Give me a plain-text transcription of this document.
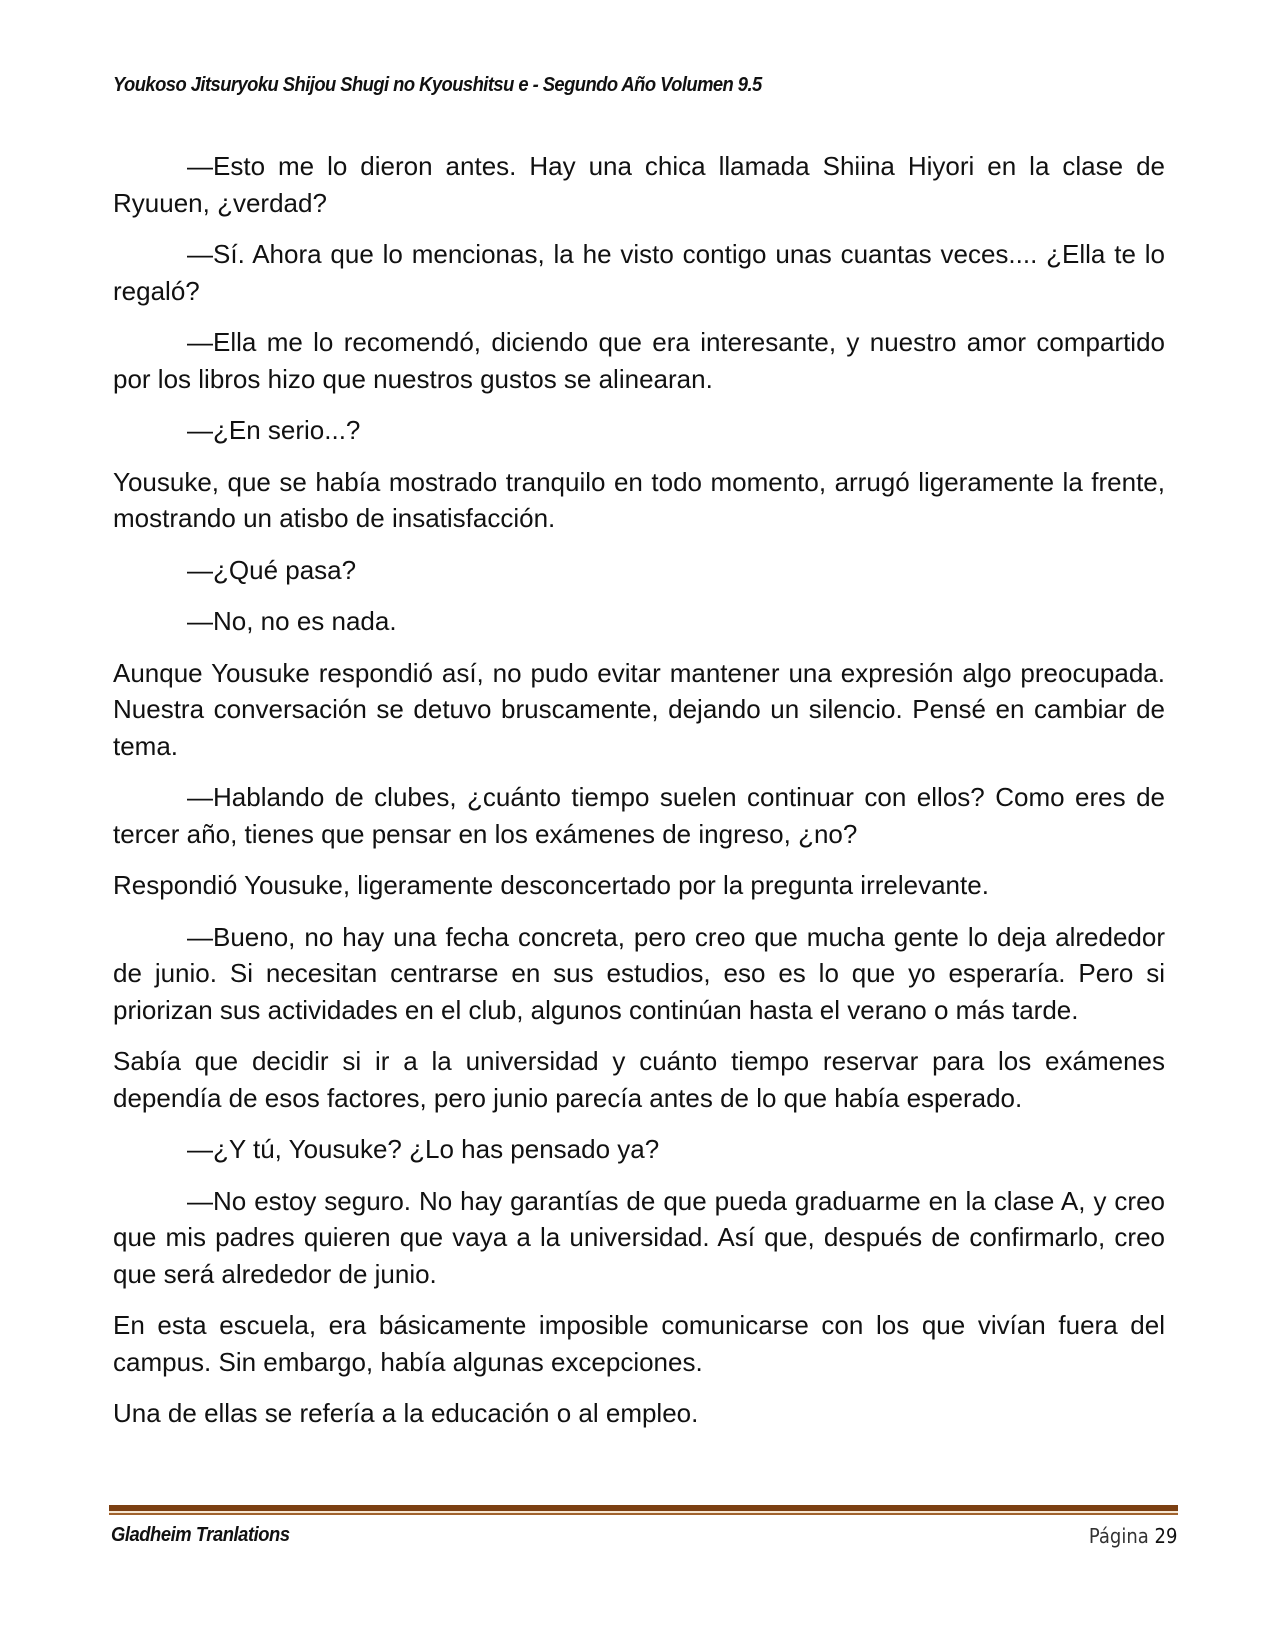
Youkoso Jitsuryoku Shijou Shugi no Kyoushitsu e - Segundo Año Volumen 9.5

—Esto me lo dieron antes. Hay una chica llamada Shiina Hiyori en la clase de Ryuuen, ¿verdad?

—Sí. Ahora que lo mencionas, la he visto contigo unas cuantas veces.... ¿Ella te lo regaló?

—Ella me lo recomendó, diciendo que era interesante, y nuestro amor compartido por los libros hizo que nuestros gustos se alinearan.

—¿En serio...?

Yousuke, que se había mostrado tranquilo en todo momento, arrugó ligeramente la frente, mostrando un atisbo de insatisfacción.

—¿Qué pasa?

—No, no es nada.

Aunque Yousuke respondió así, no pudo evitar mantener una expresión algo preocupada. Nuestra conversación se detuvo bruscamente, dejando un silencio. Pensé en cambiar de tema.

—Hablando de clubes, ¿cuánto tiempo suelen continuar con ellos? Como eres de tercer año, tienes que pensar en los exámenes de ingreso, ¿no?

Respondió Yousuke, ligeramente desconcertado por la pregunta irrelevante.

—Bueno, no hay una fecha concreta, pero creo que mucha gente lo deja alrededor de junio. Si necesitan centrarse en sus estudios, eso es lo que yo esperaría. Pero si priorizan sus actividades en el club, algunos continúan hasta el verano o más tarde.

Sabía que decidir si ir a la universidad y cuánto tiempo reservar para los exámenes dependía de esos factores, pero junio parecía antes de lo que había esperado.

—¿Y tú, Yousuke? ¿Lo has pensado ya?

—No estoy seguro. No hay garantías de que pueda graduarme en la clase A, y creo que mis padres quieren que vaya a la universidad. Así que, después de confirmarlo, creo que será alrededor de junio.

En esta escuela, era básicamente imposible comunicarse con los que vivían fuera del campus. Sin embargo, había algunas excepciones.

Una de ellas se refería a la educación o al empleo.

Gladheim Tranlations	Página 29
